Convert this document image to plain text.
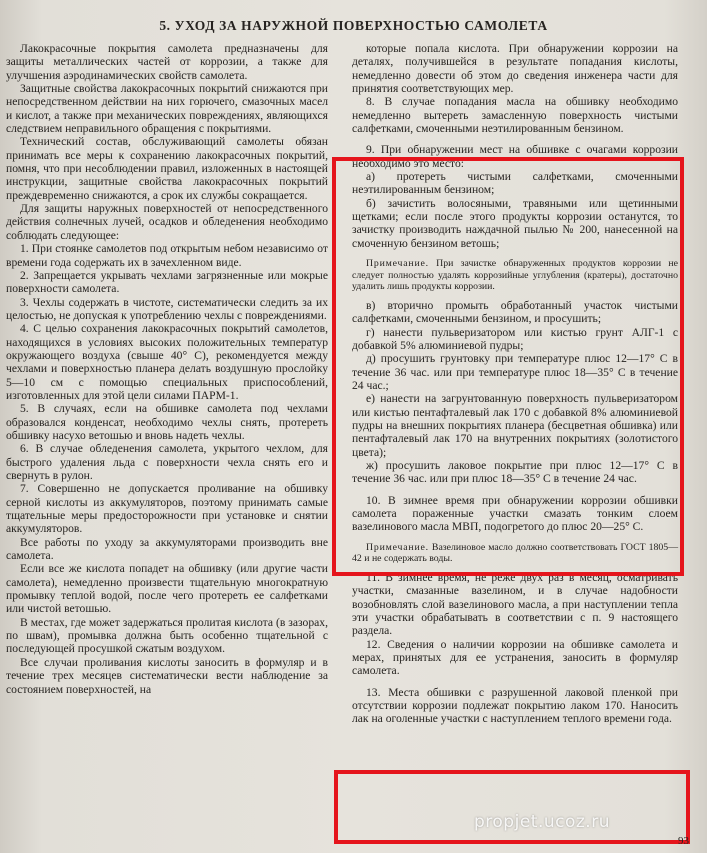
5. УХОД ЗА НАРУЖНОЙ ПОВЕРХНОСТЬЮ САМОЛЕТА

Лакокрасочные покрытия самолета предназначены для защиты металлических частей от коррозии, а также для улучшения аэродинамических свойств самолета.

Защитные свойства лакокрасочных покрытий снижаются при непосредственном действии на них горючего, смазочных масел и кислот, а также при механических повреждениях, являющихся следствием неправильного обращения с покрытиями.

Технический состав, обслуживающий самолеты обязан принимать все меры к сохранению лакокрасочных покрытий, помня, что при несоблюдении правил, изложенных в настоящей инструкции, защитные свойства лакокрасочных покрытий преждевременно снижаются, а срок их службы сокращается.

Для защиты наружных поверхностей от непосредственного действия солнечных лучей, осадков и обледенения необходимо соблюдать следующее:

1. При стоянке самолетов под открытым небом независимо от времени года содержать их в зачехленном виде.

2. Запрещается укрывать чехлами загрязненные или мокрые поверхности самолета.

3. Чехлы содержать в чистоте, систематически следить за их целостью, не допуская к употреблению чехлы с повреждениями.

4. С целью сохранения лакокрасочных покрытий самолетов, находящихся в условиях высоких положительных температур окружающего воздуха (свыше 40° С), рекомендуется между чехлами и поверхностью планера делать воздушную прослойку 5—10 см с помощью специальных приспособлений, изготовленных для этой цели силами ПАРМ-1.

5. В случаях, если на обшивке самолета под чехлами образовался конденсат, необходимо чехлы снять, протереть обшивку насухо ветошью и вновь надеть чехлы.

6. В случае обледенения самолета, укрытого чехлом, для быстрого удаления льда с поверхности чехла снять его и свернуть в рулон.

7. Совершенно не допускается проливание на обшивку серной кислоты из аккумуляторов, поэтому принимать самые тщательные меры предосторожности при установке и снятии аккумуляторов.

Все работы по уходу за аккумуляторами производить вне самолета.

Если все же кислота попадет на обшивку (или другие части самолета), немедленно произвести тщательную многократную промывку теплой водой, после чего протереть ее салфетками или чистой ветошью.

В местах, где может задержаться пролитая кислота (в зазорах, по швам), промывка должна быть особенно тщательной с последующей просушкой сжатым воздухом.

Все случаи проливания кислоты заносить в формуляр и в течение трех месяцев систематически вести наблюдение за состоянием поверхностей, на

которые попала кислота. При обнаружении коррозии на деталях, получившейся в результате попадания кислоты, немедленно довести об этом до сведения инженера части для принятия соответствующих мер.

8. В случае попадания масла на обшивку необходимо немедленно вытереть замасленную поверхность чистыми салфетками, смоченными неэтилированным бензином.

9. При обнаружении мест на обшивке с очагами коррозии необходимо это место:

а) протереть чистыми салфетками, смоченными неэтилированным бензином;

б) зачистить волосяными, травяными или щетинными щетками; если после этого продукты коррозии останутся, то зачистку производить наждачной пылью № 200, нанесенной на смоченную бензином ветошь;

Примечание. При зачистке обнаруженных продуктов коррозии не следует полностью удалять коррозийные углубления (кратеры), достаточно удалить лишь продукты коррозии.

в) вторично промыть обработанный участок чистыми салфетками, смоченными бензином, и просушить;

г) нанести пульверизатором или кистью грунт АЛГ-1 с добавкой 5% алюминиевой пудры;

д) просушить грунтовку при температуре плюс 12—17° С в течение 36 час. или при температуре плюс 18—35° С в течение 24 час.;

е) нанести на загрунтованную поверхность пульверизатором или кистью пентафталевый лак 170 с добавкой 8% алюминиевой пудры на внешних покрытиях планера (бесцветная обшивка) или пентафталевый лак 170 на внутренних покрытиях (золотистого цвета);

ж) просушить лаковое покрытие при плюс 12—17° С в течение 36 час. или при плюс 18—35° С в течение 24 час.

10. В зимнее время при обнаружении коррозии обшивки самолета пораженные участки смазать тонким слоем вазелинового масла МВП, подогретого до плюс 20—25° С.

Примечание. Вазелиновое масло должно соответствовать ГОСТ 1805—42 и не содержать воды.

11. В зимнее время, не реже двух раз в месяц, осматривать участки, смазанные вазелином, и в случае надобности возобновлять слой вазелинового масла, а при наступлении тепла эти участки обрабатывать в соответствии с п. 9 настоящего раздела.

12. Сведения о наличии коррозии на обшивке самолета и мерах, принятых для ее устранения, заносить в формуляр самолета.

13. Места обшивки с разрушенной лаковой пленкой при отсутствии коррозии подлежат покрытию лаком 170. Наносить лак на оголенные участки с наступлением теплого времени года.

93
propjet.ucoz.ru
